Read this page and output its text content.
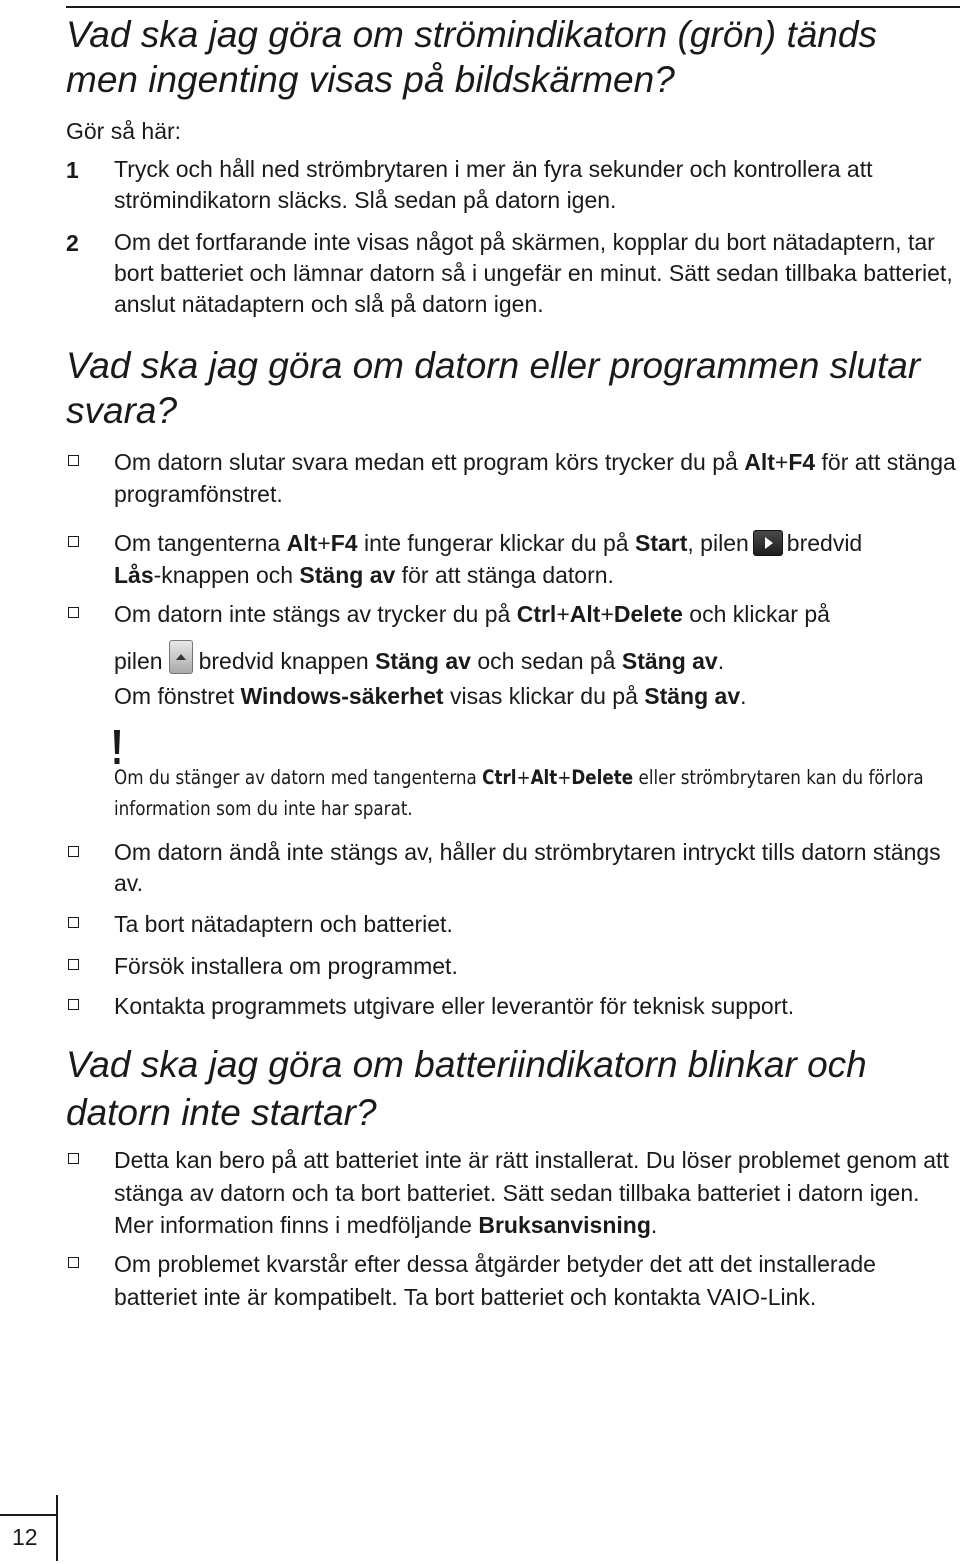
Vad ska jag göra om strömindikatorn (grön) tänds men ingenting visas på bildskärmen?

Gör så här:

1	Tryck och håll ned strömbrytaren i mer än fyra sekunder och kontrollera att strömindikatorn släcks. Slå sedan på datorn igen.
2	Om det fortfarande inte visas något på skärmen, kopplar du bort nätadaptern, tar bort batteriet och lämnar datorn så i ungefär en minut. Sätt sedan tillbaka batteriet, anslut nätadaptern och slå på datorn igen.
Vad ska jag göra om datorn eller programmen slutar svara?
Om datorn slutar svara medan ett program körs trycker du på Alt+F4 för att stänga programfönstret.
Om tangenterna Alt+F4 inte fungerar klickar du på Start, pilen bredvid
Lås-knappen och Stäng av för att stänga datorn.
Om datorn inte stängs av trycker du på Ctrl+Alt+Delete och klickar på

pilen bredvid knappen Stäng av och sedan på Stäng av.
Om fönstret Windows-säkerhet visas klickar du på Stäng av.
Om du stänger av datorn med tangenterna Ctrl+Alt+Delete eller strömbrytaren kan du förlora information som du inte har sparat.
Om datorn ändå inte stängs av, håller du strömbrytaren intryckt tills datorn stängs av.
Ta bort nätadaptern och batteriet.
Försök installera om programmet.
Kontakta programmets utgivare eller leverantör för teknisk support.
Vad ska jag göra om batteriindikatorn blinkar och datorn inte startar?
Detta kan bero på att batteriet inte är rätt installerat. Du löser problemet genom att stänga av datorn och ta bort batteriet. Sätt sedan tillbaka batteriet i datorn igen. Mer information finns i medföljande Bruksanvisning.
Om problemet kvarstår efter dessa åtgärder betyder det att det installerade batteriet inte är kompatibelt. Ta bort batteriet och kontakta VAIO-Link.
12
